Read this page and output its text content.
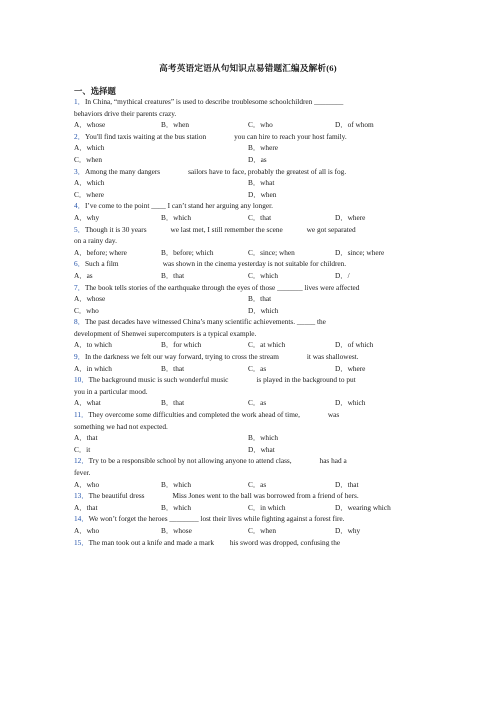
高考英语定语从句知识点易错题汇编及解析(6)
一、选择题

1．In China, “mythical creatures” is used to describe troublesome schoolchildren ________

behaviors drive their parents crazy.

A．whose	B．when	C．who	D．of whom

2．You'll find taxis waiting at the bus station	you can hire to reach your host family.

A．which	B．where
C．when	D．as

3．Among the many dangers	sailors have to face, probably the greatest of all is fog.

A．which	B．what
C．where	D．when

4．I’ve come to the point ____ I can’t stand her arguing any longer.

A．why	B．which	C．that	D．where

5．Though it is 30 years	we last met, I still remember the scene	we got separated

on a rainy day.

A．before; where	B．before; which	C．since; when	D．since; where

6．Such a film	was shown in the cinema yesterday is not suitable for children.

A．as	B．that	C．which	D．/

7．The book tells stories of the earthquake through the eyes of those _______ lives were affected

A．whose	B．that
C．who	D．which

8．The past decades have witnessed China’s many scientific achievements. _____ the

development of Shenwei supercomputers is a typical example.

A．to which	B．for which	C．at which	D．of which

9．In the darkness we felt our way forward, trying to cross the stream	it was shallowest.

A．in which	B．that	C．as	D．where

10．The background music is such wonderful music	is played in the background to put

you in a particular mood.

A．what	B．that	C．as	D．which

11．They overcome some difficulties and completed the work ahead of time,	was

something we had not expected.

A．that	B．which
C．it	D．what

12．Try to be a responsible school by not allowing anyone to attend class,	has had a

fever.

A．who	B．which	C．as	D．that

13．The beautiful dress	Miss Jones went to the ball was borrowed from a friend of hers.

A．that	B．which	C．in which	D．wearing which

14．We won’t forget the heroes ________ lost their lives while fighting against a forest fire.

A．who	B．whose	C．when	D．why

15．The man took out a knife and made a mark  his sword was dropped, confusing the
